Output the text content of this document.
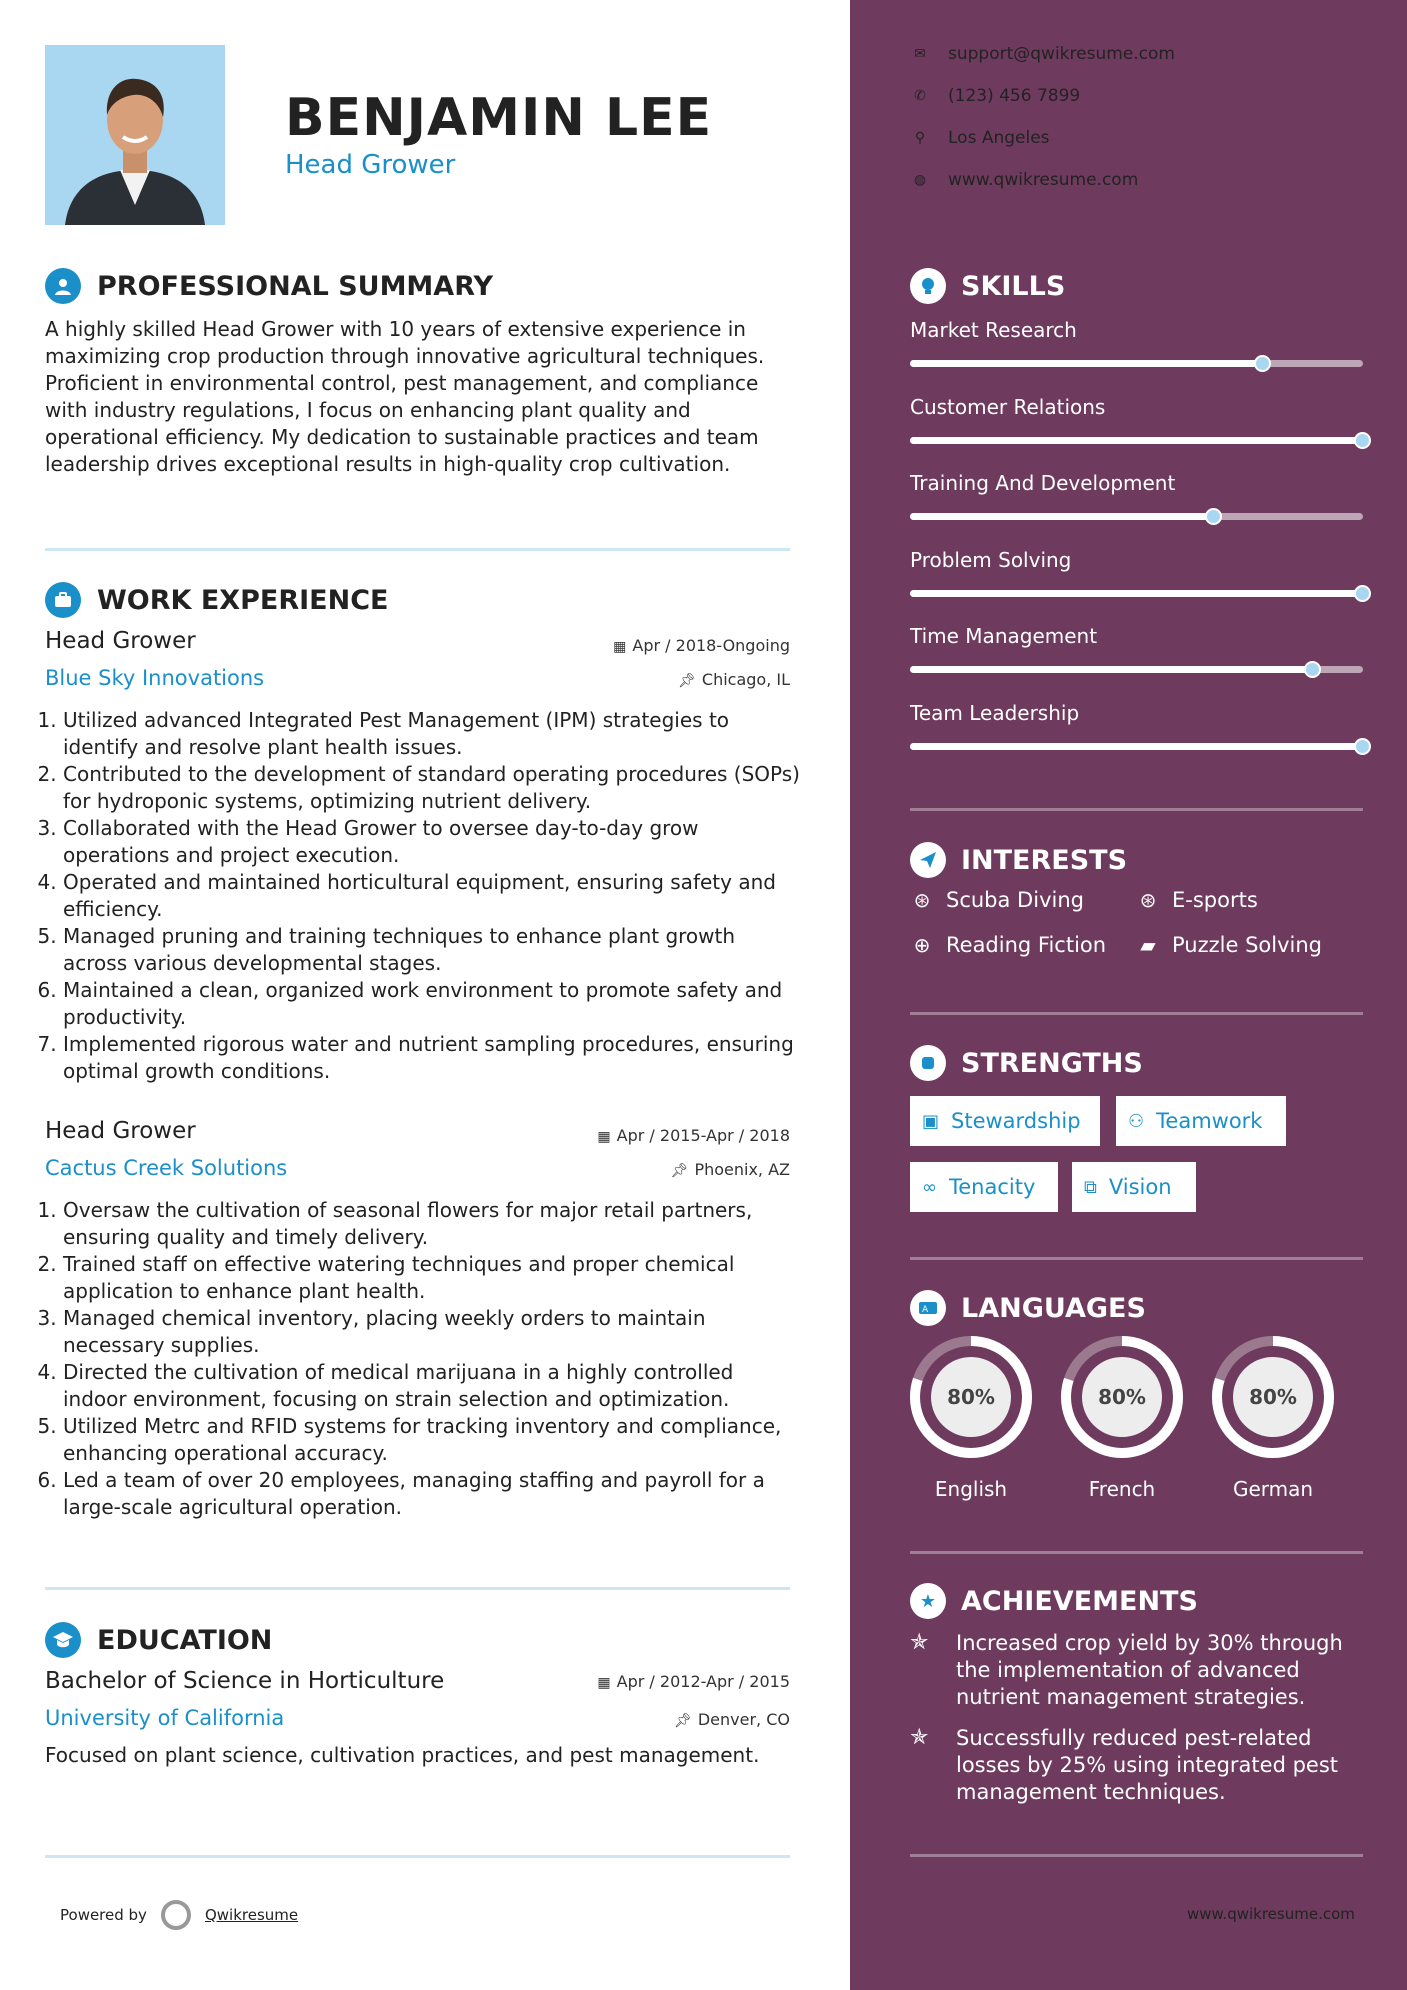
BENJAMIN LEE
Head Grower
PROFESSIONAL SUMMARY
A highly skilled Head Grower with 10 years of extensive experience in maximizing crop production through innovative agricultural techniques. Proficient in environmental control, pest management, and compliance with industry regulations, I focus on enhancing plant quality and operational efficiency. My dedication to sustainable practices and team leadership drives exceptional results in high-quality crop cultivation.
WORK EXPERIENCE
Head Grower	▦ Apr / 2018-Ongoing
Blue Sky Innovations	📌︎ Chicago, IL
1. Utilized advanced Integrated Pest Management (IPM) strategies to identify and resolve plant health issues.
2. Contributed to the development of standard operating procedures (SOPs) for hydroponic systems, optimizing nutrient delivery.
3. Collaborated with the Head Grower to oversee day-to-day grow operations and project execution.
4. Operated and maintained horticultural equipment, ensuring safety and efficiency.
5. Managed pruning and training techniques to enhance plant growth across various developmental stages.
6. Maintained a clean, organized work environment to promote safety and productivity.
7. Implemented rigorous water and nutrient sampling procedures, ensuring optimal growth conditions.
Head Grower	▦ Apr / 2015-Apr / 2018
Cactus Creek Solutions	📌︎ Phoenix, AZ
1. Oversaw the cultivation of seasonal flowers for major retail partners, ensuring quality and timely delivery.
2. Trained staff on effective watering techniques and proper chemical application to enhance plant health.
3. Managed chemical inventory, placing weekly orders to maintain necessary supplies.
4. Directed the cultivation of medical marijuana in a highly controlled indoor environment, focusing on strain selection and optimization.
5. Utilized Metrc and RFID systems for tracking inventory and compliance, enhancing operational accuracy.
6. Led a team of over 20 employees, managing staffing and payroll for a large-scale agricultural operation.
EDUCATION
Bachelor of Science in Horticulture	▦ Apr / 2012-Apr / 2015
University of California	📌︎ Denver, CO
Focused on plant science, cultivation practices, and pest management.
Powered by	Qwikresume
✉ support@qwikresume.com
✆ (123) 456 7899
⚲ Los Angeles
◍ www.qwikresume.com
SKILLS
Market Research
Customer Relations
Training And Development
Problem Solving
Time Management
Team Leadership
INTERESTS
⊛ Scuba Diving	⊛ E-sports
⊕ Reading Fiction ▰ Puzzle Solving
STRENGTHS
▣ Stewardship	⚇ Teamwork
∞ Tenacity	⧉ Vision
A LANGUAGES
80%
English
80%
French
80%
German
★ ACHIEVEMENTS
✯	Increased crop yield by 30% through the implementation of advanced nutrient management strategies.
✯	Successfully reduced pest-related losses by 25% using integrated pest management techniques.
www.qwikresume.com
